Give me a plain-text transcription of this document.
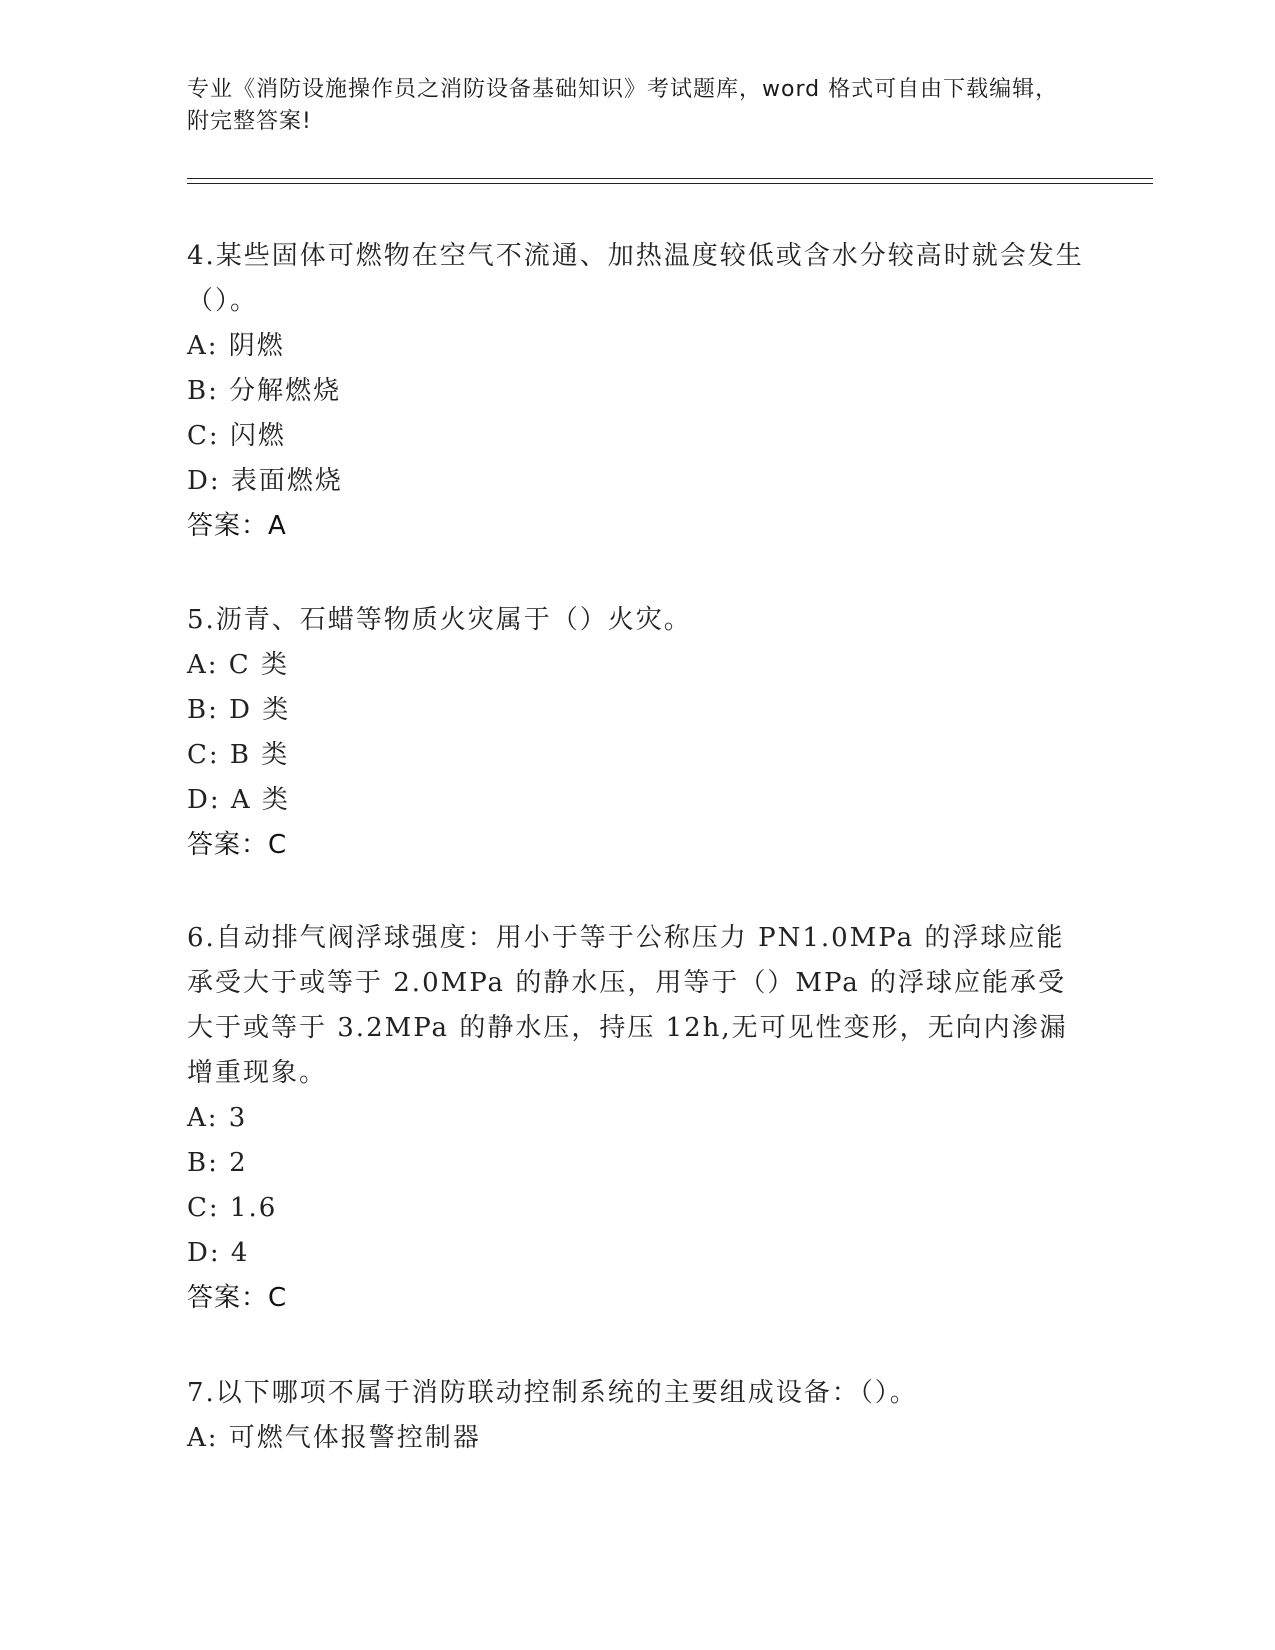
专业《消防设施操作员之消防设备基础知识》考试题库，word 格式可自由下载编辑，附完整答案!

4.某些固体可燃物在空气不流通、加热温度较低或含水分较高时就会发生（）。

A: 阴燃

B: 分解燃烧

C: 闪燃

D: 表面燃烧

答案：A

5.沥青、石蜡等物质火灾属于（）火灾。

A: C 类

B: D 类

C: B 类

D: A 类

答案：C

6.自动排气阀浮球强度：用小于等于公称压力 PN1.0MPa 的浮球应能承受大于或等于 2.0MPa 的静水压，用等于（）MPa 的浮球应能承受大于或等于 3.2MPa 的静水压，持压 12h,无可见性变形，无向内渗漏增重现象。

A: 3

B: 2

C: 1.6

D: 4

答案：C

7.以下哪项不属于消防联动控制系统的主要组成设备：（）。

A: 可燃气体报警控制器
